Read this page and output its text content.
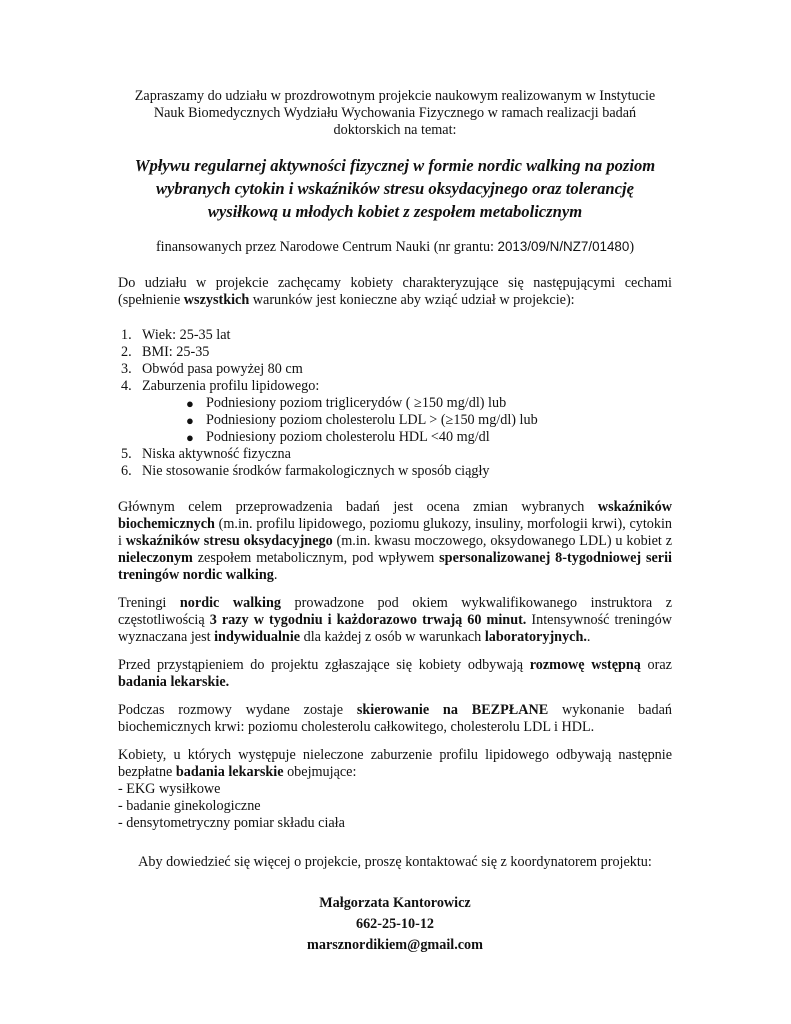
Zapraszamy do udziału w prozdrowotnym projekcie naukowym realizowanym w Instytucie
Nauk Biomedycznych Wydziału Wychowania Fizycznego w ramach realizacji badań
doktorskich na temat:
Wpływu regularnej aktywności fizycznej w formie nordic walking na poziom
wybranych cytokin i wskaźników stresu oksydacyjnego oraz tolerancję
wysiłkową u młodych kobiet z zespołem metabolicznym
finansowanych przez Narodowe Centrum Nauki (nr grantu: 2013/09/N/NZ7/01480)

Do udziału w projekcie zachęcamy kobiety charakteryzujące się następującymi cechami (spełnienie wszystkich warunków jest konieczne aby wziąć udział w projekcie):

1. Wiek: 25-35 lat
2. BMI: 25-35
3. Obwód pasa powyżej 80 cm
4. Zaburzenia profilu lipidowego:
● Podniesiony poziom triglicerydów ( ≥150 mg/dl) lub
● Podniesiony poziom cholesterolu LDL > (≥150 mg/dl) lub
● Podniesiony poziom cholesterolu HDL <40 mg/dl
5. Niska aktywność fizyczna
6. Nie stosowanie środków farmakologicznych w sposób ciągły

Głównym celem przeprowadzenia badań jest ocena zmian wybranych wskaźników biochemicznych (m.in. profilu lipidowego, poziomu glukozy, insuliny, morfologii krwi), cytokin i wskaźników stresu oksydacyjnego (m.in. kwasu moczowego, oksydowanego LDL) u kobiet z nieleczonym zespołem metabolicznym, pod wpływem spersonalizowanej 8-tygodniowej serii treningów nordic walking.

Treningi nordic walking prowadzone pod okiem wykwalifikowanego instruktora z częstotliwością 3 razy w tygodniu i każdorazowo trwają 60 minut. Intensywność treningów wyznaczana jest indywidualnie dla każdej z osób w warunkach laboratoryjnych..

Przed przystąpieniem do projektu zgłaszające się kobiety odbywają rozmowę wstępną oraz badania lekarskie.

Podczas rozmowy wydane zostaje skierowanie na BEZPŁANE wykonanie badań biochemicznych krwi: poziomu cholesterolu całkowitego, cholesterolu LDL i HDL.

Kobiety, u których występuje nieleczone zaburzenie profilu lipidowego odbywają następnie bezpłatne badania lekarskie obejmujące:

- EKG wysiłkowe
- badanie ginekologiczne
- densytometryczny pomiar składu ciała
Aby dowiedzieć się więcej o projekcie, proszę kontaktować się z koordynatorem projektu:
Małgorzata Kantorowicz
662-25-10-12
marsznordikiem@gmail.com
